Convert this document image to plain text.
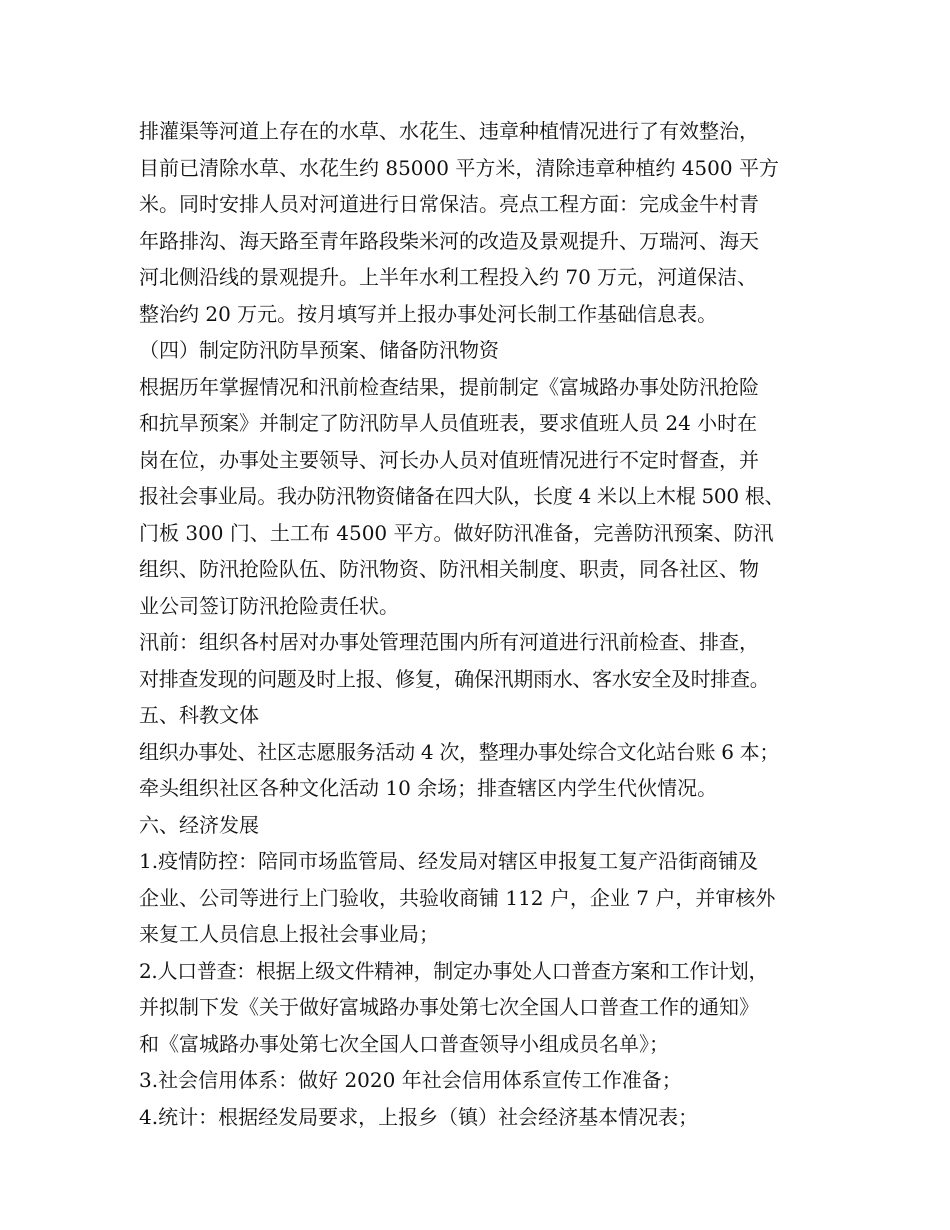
排灌渠等河道上存在的水草、水花生、违章种植情况进行了有效整治，
目前已清除水草、水花生约 85000 平方米，清除违章种植约 4500 平方
米。同时安排人员对河道进行日常保洁。亮点工程方面：完成金牛村青
年路排沟、海天路至青年路段柴米河的改造及景观提升、万瑞河、海天
河北侧沿线的景观提升。上半年水利工程投入约 70 万元，河道保洁、
整治约 20 万元。按月填写并上报办事处河长制工作基础信息表。
（四）制定防汛防旱预案、储备防汛物资
根据历年掌握情况和汛前检查结果，提前制定《富城路办事处防汛抢险
和抗旱预案》并制定了防汛防旱人员值班表，要求值班人员 24 小时在
岗在位，办事处主要领导、河长办人员对值班情况进行不定时督查，并
报社会事业局。我办防汛物资储备在四大队，长度 4 米以上木棍 500 根、
门板 300 门、土工布 4500 平方。做好防汛准备，完善防汛预案、防汛
组织、防汛抢险队伍、防汛物资、防汛相关制度、职责，同各社区、物
业公司签订防汛抢险责任状。
汛前：组织各村居对办事处管理范围内所有河道进行汛前检查、排查，
对排查发现的问题及时上报、修复，确保汛期雨水、客水安全及时排查。
五、科教文体
组织办事处、社区志愿服务活动 4 次，整理办事处综合文化站台账 6 本；
牵头组织社区各种文化活动 10 余场；排查辖区内学生代伙情况。
六、经济发展
1.疫情防控：陪同市场监管局、经发局对辖区申报复工复产沿街商铺及
企业、公司等进行上门验收，共验收商铺 112 户，企业 7 户，并审核外
来复工人员信息上报社会事业局；
2.人口普查：根据上级文件精神，制定办事处人口普查方案和工作计划，
并拟制下发《关于做好富城路办事处第七次全国人口普查工作的通知》
和《富城路办事处第七次全国人口普查领导小组成员名单》；
3.社会信用体系：做好 2020 年社会信用体系宣传工作准备；
4.统计：根据经发局要求，上报乡（镇）社会经济基本情况表；
